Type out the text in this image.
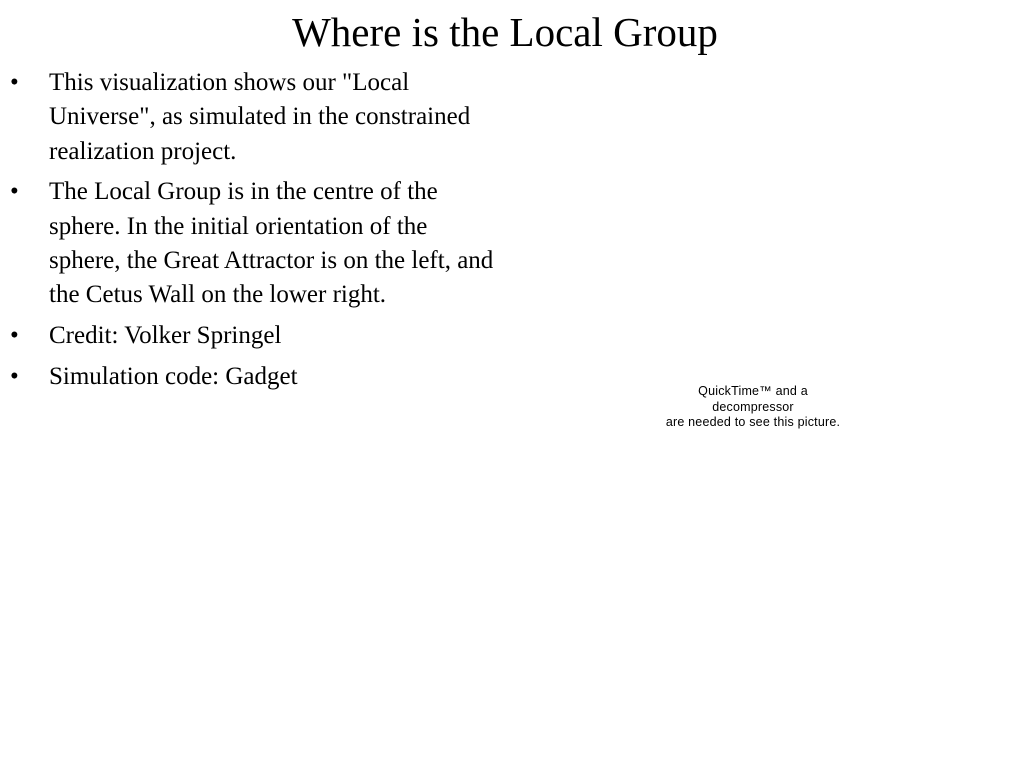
Where is the Local Group
• This visualization shows our "Local Universe", as simulated in the constrained realization project.
• The Local Group is in the centre of the sphere. In the initial orientation of the sphere, the Great Attractor is on the left, and the Cetus Wall on the lower right.
• Credit: Volker Springel
• Simulation code: Gadget
QuickTime™ and a
decompressor
are needed to see this picture.
